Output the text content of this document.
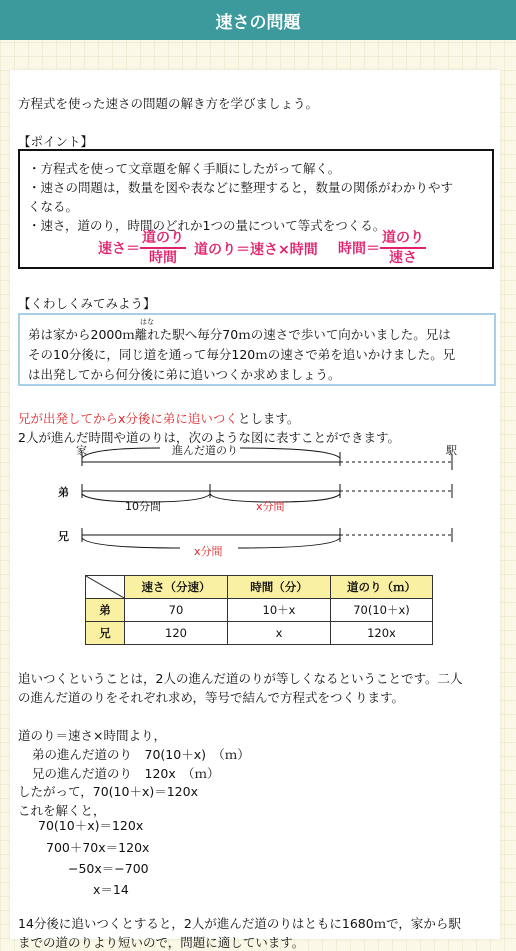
速さの問題
方程式を使った速さの問題の解き方を学びましょう。
【ポイント】
・方程式を使って文章題を解く手順にしたがって解く。
・速さの問題は，数量を図や表などに整理すると，数量の関係がわかりやす
くなる。
・速さ，道のり，時間のどれか1つの量について等式をつくる。
速さ＝ $\frac{\text{道のり}}{\text{時間}}$ 道のり＝速さ×時間 時間＝ $\frac{\text{道のり}}{\text{速さ}}$
【くわしくみてみよう】
はな
弟は家から2000ｍ離れた駅へ毎分70ｍの速さで歩いて向かいました。兄は
その10分後に，同じ道を通って毎分120ｍの速さで弟を追いかけました。兄
は出発してから何分後に弟に追いつくか求めましょう。
兄が出発してからx分後に弟に追いつくとします。
2人が進んだ時間や道のりは，次のような図に表すことができます。
家	駅
進んだ道のり
弟
兄
10分間	x分間
x分間
	速さ（分速）	時間（分）	道のり（ｍ）
弟	70	10＋x	70(10＋x)
兄	120	x	120x
追いつくということは，2人の進んだ道のりが等しくなるということです。二人
の進んだ道のりをそれぞれ求め，等号で結んで方程式をつくります。
道のり＝速さ×時間より，
弟の進んだ道のり　70(10＋x)　（ｍ）
兄の進んだ道のり　120x　（ｍ）
したがって，70(10＋x)＝120x
これを解くと，
70(10＋x)＝120x
700＋70x＝120x
−50x＝−700
x＝14
14分後に追いつくとすると，2人が進んだ道のりはともに1680ｍで，家から駅
までの道のりより短いので，問題に適しています。
